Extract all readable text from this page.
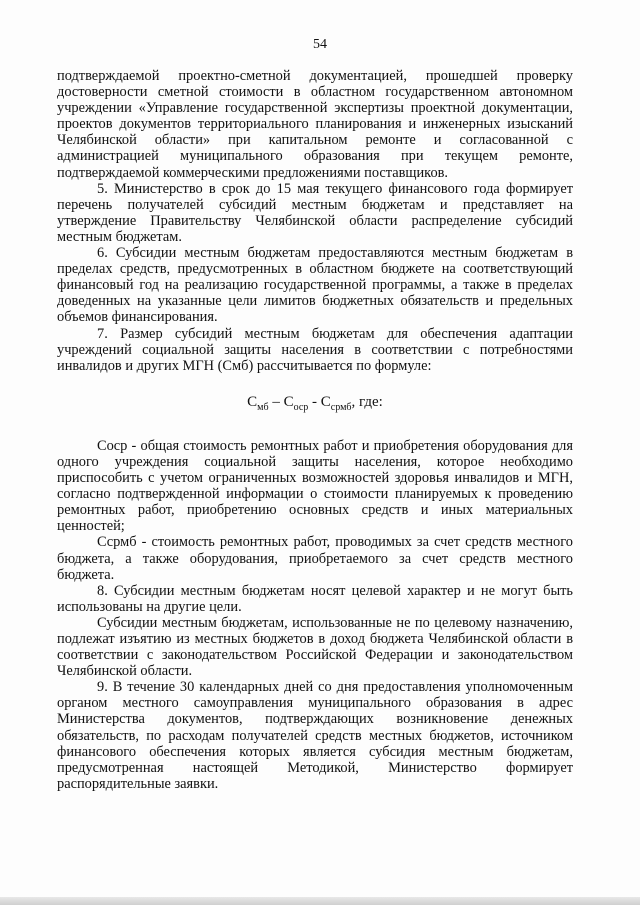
54

подтверждаемой проектно-сметной документацией, прошедшей проверку достоверности сметной стоимости в областном государственном автономном учреждении «Управление государственной экспертизы проектной документации, проектов документов территориального планирования и инженерных изысканий Челябинской области» при капитальном ремонте и согласованной с администрацией муниципального образования при текущем ремонте, подтверждаемой коммерческими предложениями поставщиков.

5. Министерство в срок до 15 мая текущего финансового года формирует перечень получателей субсидий местным бюджетам и представляет на утверждение Правительству Челябинской области распределение субсидий местным бюджетам.

6. Субсидии местным бюджетам предоставляются местным бюджетам в пределах средств, предусмотренных в областном бюджете на соответствующий финансовый год на реализацию государственной программы, а также в пределах доведенных на указанные цели лимитов бюджетных обязательств и предельных объемов финансирования.

7. Размер субсидий местным бюджетам для обеспечения адаптации учреждений социальной защиты населения в соответствии с потребностями инвалидов и других МГН (Смб) рассчитывается по формуле:

$С_{мб} - С_{оср} - С_{срмб}$, где:

Сoср - общая стоимость ремонтных работ и приобретения оборудования для одного учреждения социальной защиты населения, которое необходимо приспособить с учетом ограниченных возможностей здоровья инвалидов и МГН, согласно подтвержденной информации о стоимости планируемых к проведению ремонтных работ, приобретению основных средств и иных материальных ценностей;

Ссрмб - стоимость ремонтных работ, проводимых за счет средств местного бюджета, а также оборудования, приобретаемого за счет средств местного бюджета.

8. Субсидии местным бюджетам носят целевой характер и не могут быть использованы на другие цели.

Субсидии местным бюджетам, использованные не по целевому назначению, подлежат изъятию из местных бюджетов в доход бюджета Челябинской области в соответствии с законодательством Российской Федерации и законодательством Челябинской области.

9. В течение 30 календарных дней со дня предоставления уполномоченным органом местного самоуправления муниципального образования в адрес Министерства документов, подтверждающих возникновение денежных обязательств, по расходам получателей средств местных бюджетов, источником финансового обеспечения которых является субсидия местным бюджетам, предусмотренная настоящей Методикой, Министерство формирует распорядительные заявки.
